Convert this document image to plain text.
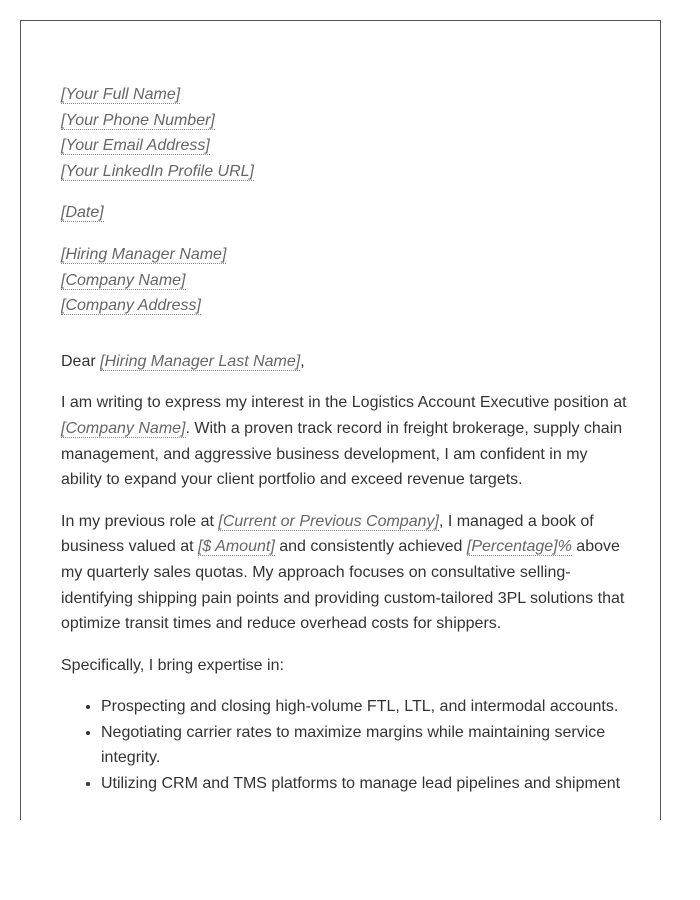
[Your Full Name]
[Your Phone Number]
[Your Email Address]
[Your LinkedIn Profile URL]
[Date]
[Hiring Manager Name]
[Company Name]
[Company Address]

Dear [Hiring Manager Last Name],

I am writing to express my interest in the Logistics Account Executive position at [Company Name]. With a proven track record in freight brokerage, supply chain management, and aggressive business development, I am confident in my ability to expand your client portfolio and exceed revenue targets.

In my previous role at [Current or Previous Company], I managed a book of business valued at [$ Amount] and consistently achieved [Percentage]% above my quarterly sales quotas. My approach focuses on consultative selling-identifying shipping pain points and providing custom-tailored 3PL solutions that optimize transit times and reduce overhead costs for shippers.

Specifically, I bring expertise in:

• Prospecting and closing high-volume FTL, LTL, and intermodal accounts.
• Negotiating carrier rates to maximize margins while maintaining service integrity.
• Utilizing CRM and TMS platforms to manage lead pipelines and shipment
